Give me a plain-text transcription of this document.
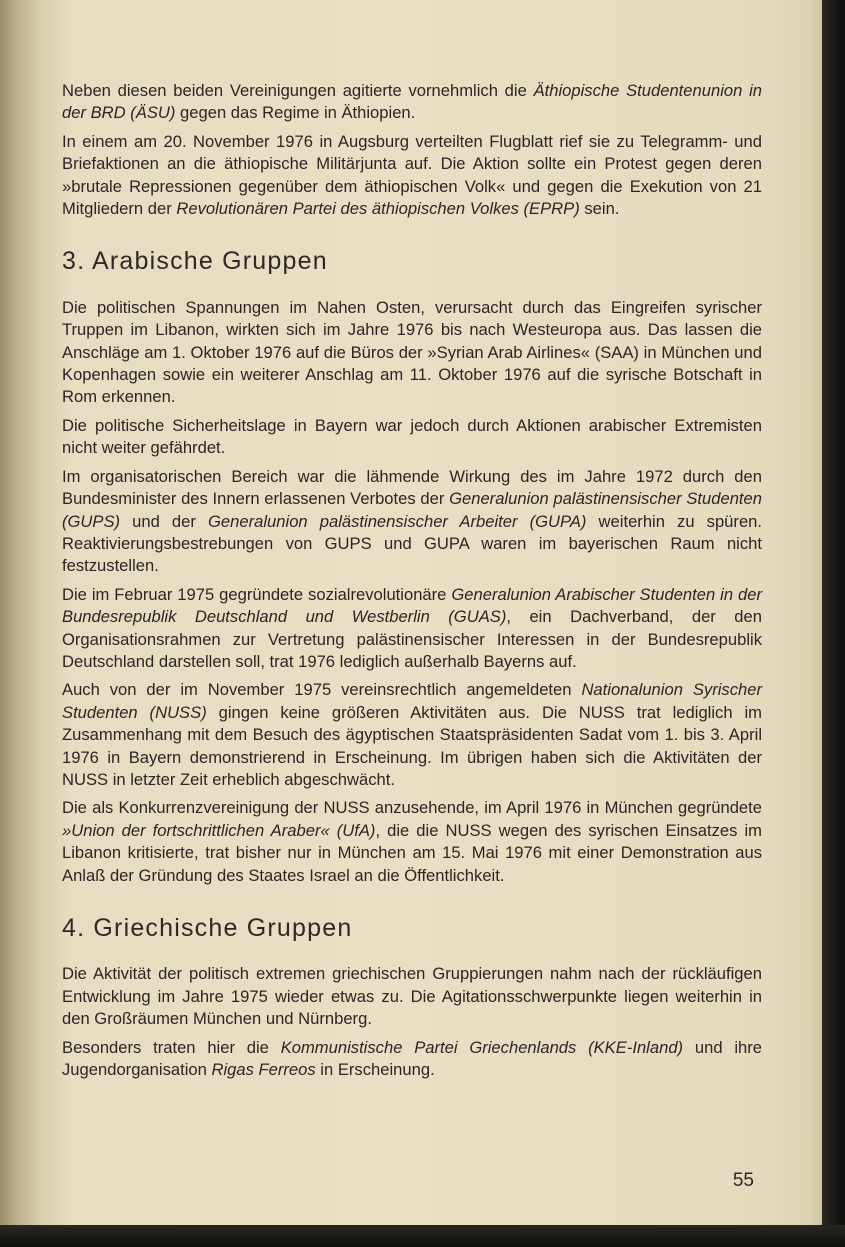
Neben diesen beiden Vereinigungen agitierte vornehmlich die Äthiopische Studentenunion in der BRD (ÄSU) gegen das Regime in Äthiopien.

In einem am 20. November 1976 in Augsburg verteilten Flugblatt rief sie zu Telegramm- und Briefaktionen an die äthiopische Militärjunta auf. Die Aktion sollte ein Protest gegen deren »brutale Repressionen gegenüber dem äthiopischen Volk« und gegen die Exekution von 21 Mitgliedern der Revolutionären Partei des äthiopischen Volkes (EPRP) sein.

3. Arabische Gruppen

Die politischen Spannungen im Nahen Osten, verursacht durch das Eingreifen syrischer Truppen im Libanon, wirkten sich im Jahre 1976 bis nach Westeuropa aus. Das lassen die Anschläge am 1. Oktober 1976 auf die Büros der »Syrian Arab Airlines« (SAA) in München und Kopenhagen sowie ein weiterer Anschlag am 11. Oktober 1976 auf die syrische Botschaft in Rom erkennen.

Die politische Sicherheitslage in Bayern war jedoch durch Aktionen arabischer Extremisten nicht weiter gefährdet.

Im organisatorischen Bereich war die lähmende Wirkung des im Jahre 1972 durch den Bundesminister des Innern erlassenen Verbotes der Generalunion palästinensischer Studenten (GUPS) und der Generalunion palästinensischer Arbeiter (GUPA) weiterhin zu spüren. Reaktivierungsbestrebungen von GUPS und GUPA waren im bayerischen Raum nicht festzustellen.

Die im Februar 1975 gegründete sozialrevolutionäre Generalunion Arabischer Studenten in der Bundesrepublik Deutschland und Westberlin (GUAS), ein Dachverband, der den Organisationsrahmen zur Vertretung palästinensischer Interessen in der Bundesrepublik Deutschland darstellen soll, trat 1976 lediglich außerhalb Bayerns auf.

Auch von der im November 1975 vereinsrechtlich angemeldeten Nationalunion Syrischer Studenten (NUSS) gingen keine größeren Aktivitäten aus. Die NUSS trat lediglich im Zusammenhang mit dem Besuch des ägyptischen Staatspräsidenten Sadat vom 1. bis 3. April 1976 in Bayern demonstrierend in Erscheinung. Im übrigen haben sich die Aktivitäten der NUSS in letzter Zeit erheblich abgeschwächt.

Die als Konkurrenzvereinigung der NUSS anzusehende, im April 1976 in München gegründete »Union der fortschrittlichen Araber« (UfA), die die NUSS wegen des syrischen Einsatzes im Libanon kritisierte, trat bisher nur in München am 15. Mai 1976 mit einer Demonstration aus Anlaß der Gründung des Staates Israel an die Öffentlichkeit.

4. Griechische Gruppen

Die Aktivität der politisch extremen griechischen Gruppierungen nahm nach der rückläufigen Entwicklung im Jahre 1975 wieder etwas zu. Die Agitationsschwerpunkte liegen weiterhin in den Großräumen München und Nürnberg.

Besonders traten hier die Kommunistische Partei Griechenlands (KKE-Inland) und ihre Jugendorganisation Rigas Ferreos in Erscheinung.

55
